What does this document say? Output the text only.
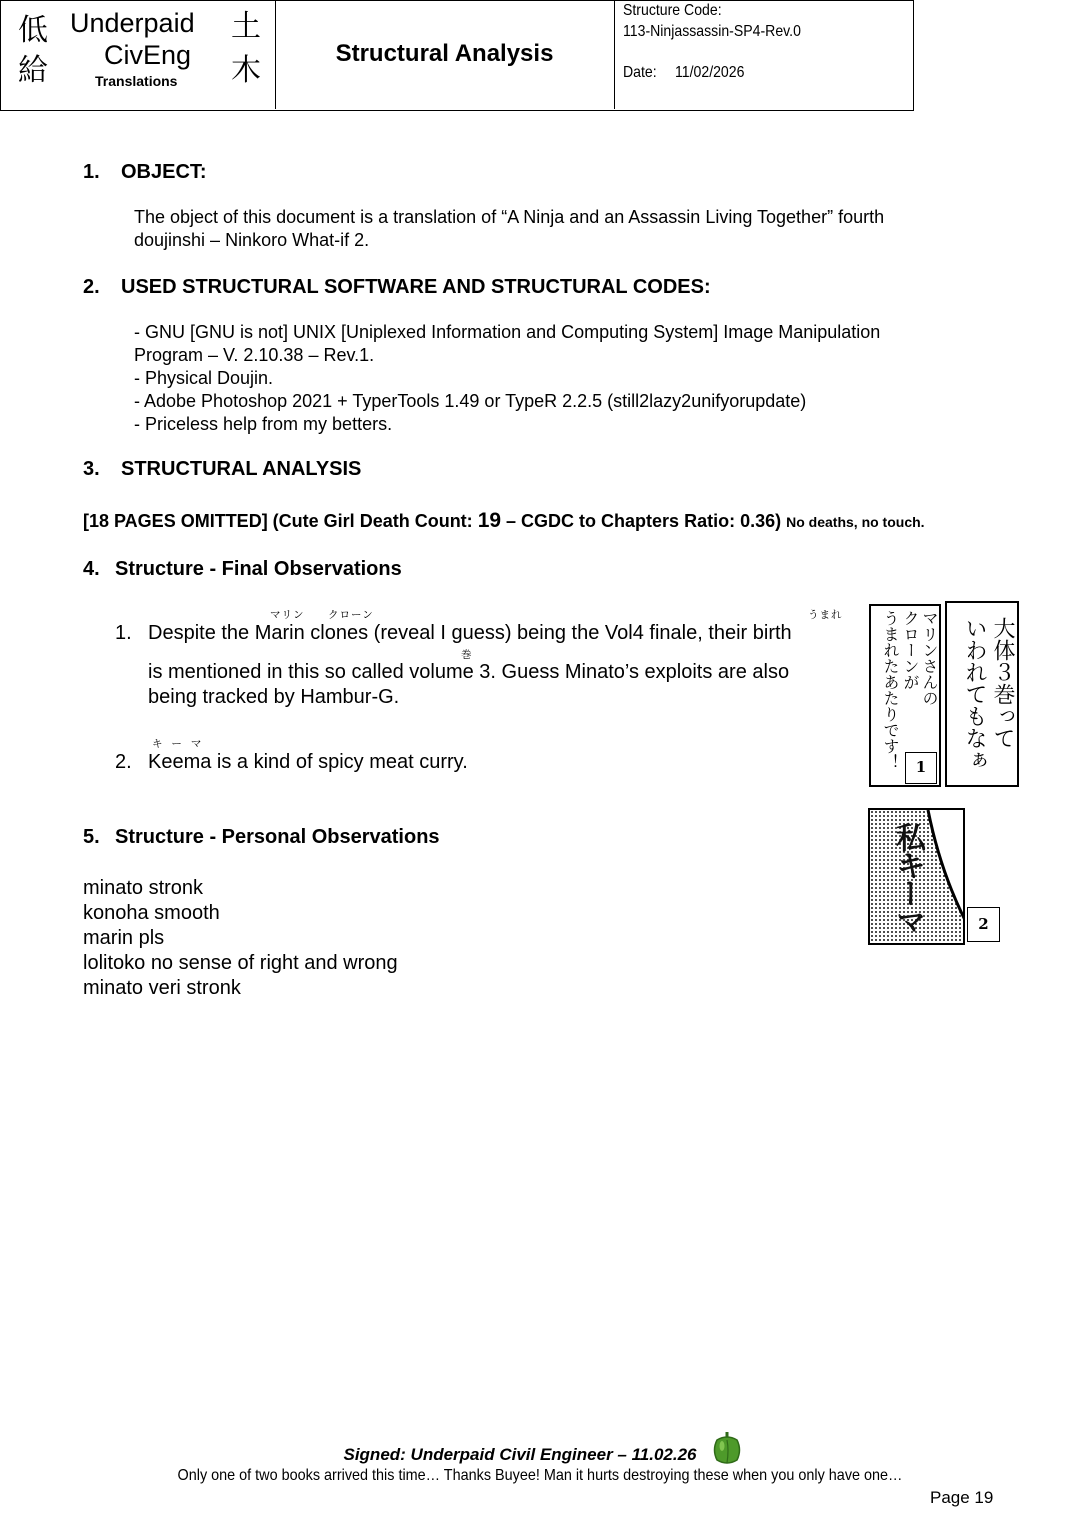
低
給
Underpaid
CivEng
Translations
土
木	Structural Analysis
Structure Code:
113-Ninjassassin-SP4-Rev.0
Date: 11/02/2026
1. OBJECT:
The object of this document is a translation of “A Ninja and an Assassin Living Together” fourth
doujinshi – Ninkoro What-if 2.
2. USED STRUCTURAL SOFTWARE AND STRUCTURAL CODES:
- GNU [GNU is not] UNIX [Uniplexed Information and Computing System] Image Manipulation
Program – V. 2.10.38 – Rev.1.
- Physical Doujin.
- Adobe Photoshop 2021 + TyperTools 1.49 or TypeR 2.2.5 (still2lazy2unifyorupdate)
- Priceless help from my betters.
3. STRUCTURAL ANALYSIS
[18 PAGES OMITTED] (Cute Girl Death Count: 19 – CGDC to Chapters Ratio: 0.36) No deaths, no touch.
4. Structure - Final Observations
マリン クローン	うまれ
1. Despite the Marin clones (reveal I guess) being the Vol4 finale, their birth
巻
is mentioned in this so called volume 3. Guess Minato’s exploits are also
being tracked by Hambur-G.
キ ー マ
2. Keema is a kind of spicy meat curry.
マリンさんの
クローンが
うまれたあたりです！	1
大体３巻って
いわれてもなぁ
5. Structure - Personal Observations
minato stronk
konoha smooth
marin pls
lolitoko no sense of right and wrong
minato veri stronk
私キーマ	2
Signed: Underpaid Civil Engineer – 11.02.26
Only one of two books arrived this time… Thanks Buyee! Man it hurts destroying these when you only have one…
Page 19
